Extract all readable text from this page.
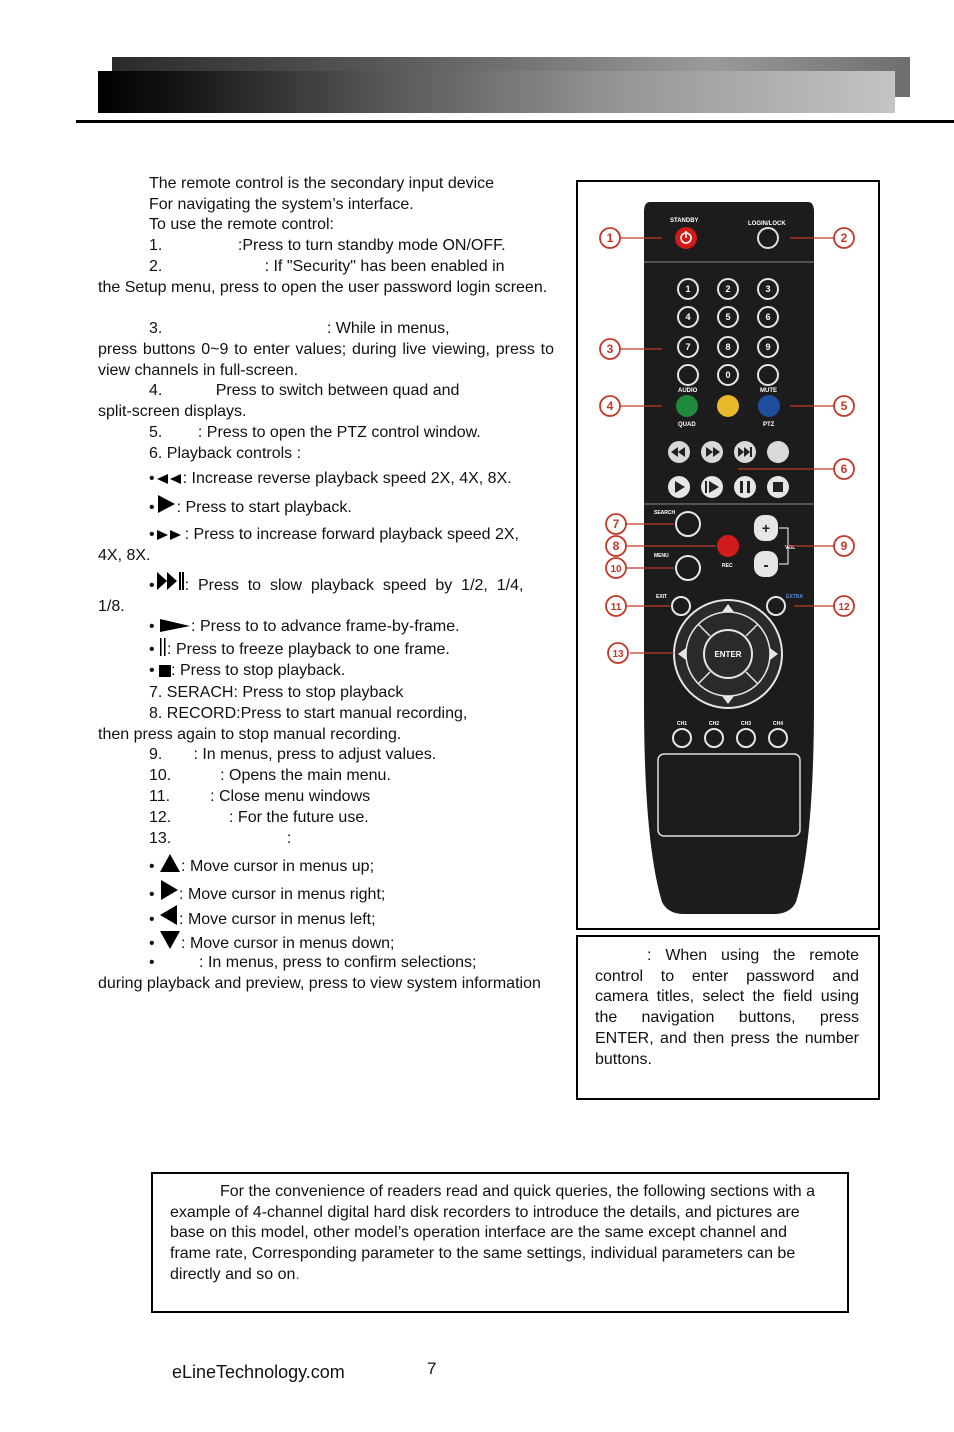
The remote control is the secondary input device
For navigating the system’s interface.
To use the remote control:
1.                 :Press to turn standby mode ON/OFF.
2.                       : If "Security" has been enabled in
the Setup menu, press to open the user password login screen.
3.                                     : While in menus,
press buttons 0~9 to enter values; during live viewing, press to view channels in full-screen.
4.            Press to switch between quad and
split-screen displays.
5.        : Press to open the PTZ control window.
6. Playback controls :
• : Increase reverse playback speed 2X, 4X, 8X.
• : Press to start playback.
• : Press to increase forward playback speed 2X,
4X, 8X.
• :  Press  to  slow  playback  speed  by  1/2,  1/4,
1/8.
• : Press to to advance frame-by-frame.
• : Press to freeze playback to one frame.
• : Press to stop playback.
7. SERACH: Press to stop playback
8. RECORD:Press to start manual recording,
then press again to stop manual recording.
9.       : In menus, press to adjust values.
10.           : Opens the main menu.
11.         : Close menu windows
12.             : For the future use.
13.                          :
• : Move cursor in menus up;
• : Move cursor in menus right;
• : Move cursor in menus left;
• : Move cursor in menus down;
•          : In menus, press to confirm selections;
during playback and preview, press to view system information
STANDBY	LOGIN/LOCK
1	2	3
4	5	6
7	8	9
0
AUDIO	MUTE
QUAD	PTZ
SEARCH
REC
MENU
+
-
VOL
EXIT	EXTRA
ENTER
CH1	CH2	CH3	CH4
1	2
3
4	5
6
7
8	9
10
11	12
13
: When using the remote control to enter password and camera titles, select the field using the navigation buttons, press ENTER, and then press the number buttons.
For the convenience of readers read and quick queries, the following sections with a example of 4-channel digital hard disk recorders to introduce the details, and pictures are base on this model, other model’s operation interface are the same except channel and frame rate, Corresponding parameter to the same settings, individual parameters can be directly and so on.
eLineTechnology.com	7
